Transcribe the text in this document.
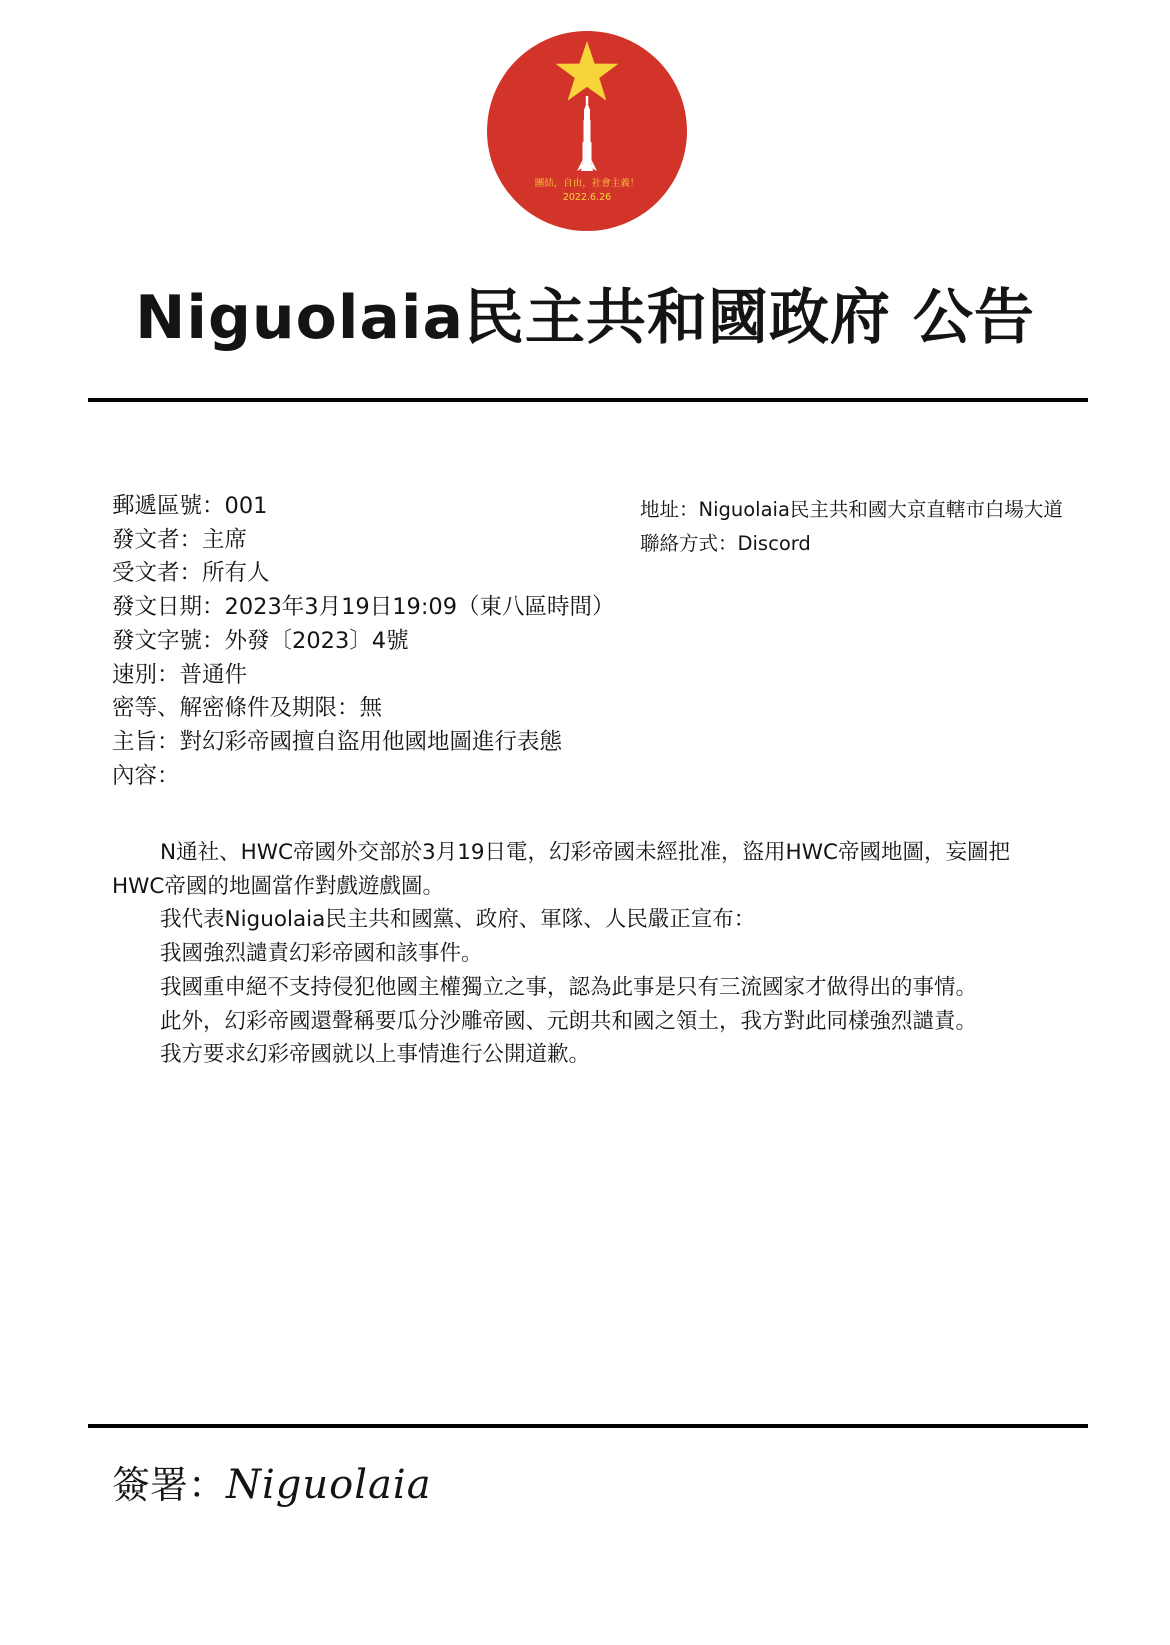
團結，自由，社會主義！
2022.6.26
Niguolaia民主共和國政府 公告
郵遞區號：001
發文者：主席
受文者：所有人
發文日期：2023年3月19日19:09（東八區時間）
發文字號：外發〔2023〕4號
速別：普通件
密等、解密條件及期限：無
主旨：對幻彩帝國擅自盜用他國地圖進行表態
內容：
地址：Niguolaia民主共和國大京直轄市白場大道
聯絡方式：Discord
N通社、HWC帝國外交部於3月19日電，幻彩帝國未經批准，盜用HWC帝國地圖，妄圖把HWC帝國的地圖當作對戲遊戲圖。
我代表Niguolaia民主共和國黨、政府、軍隊、人民嚴正宣布：
我國強烈譴責幻彩帝國和該事件。
我國重申絕不支持侵犯他國主權獨立之事，認為此事是只有三流國家才做得出的事情。
此外，幻彩帝國還聲稱要瓜分沙雕帝國、元朗共和國之領土，我方對此同樣強烈譴責。
我方要求幻彩帝國就以上事情進行公開道歉。
簽署：Niguolaia
